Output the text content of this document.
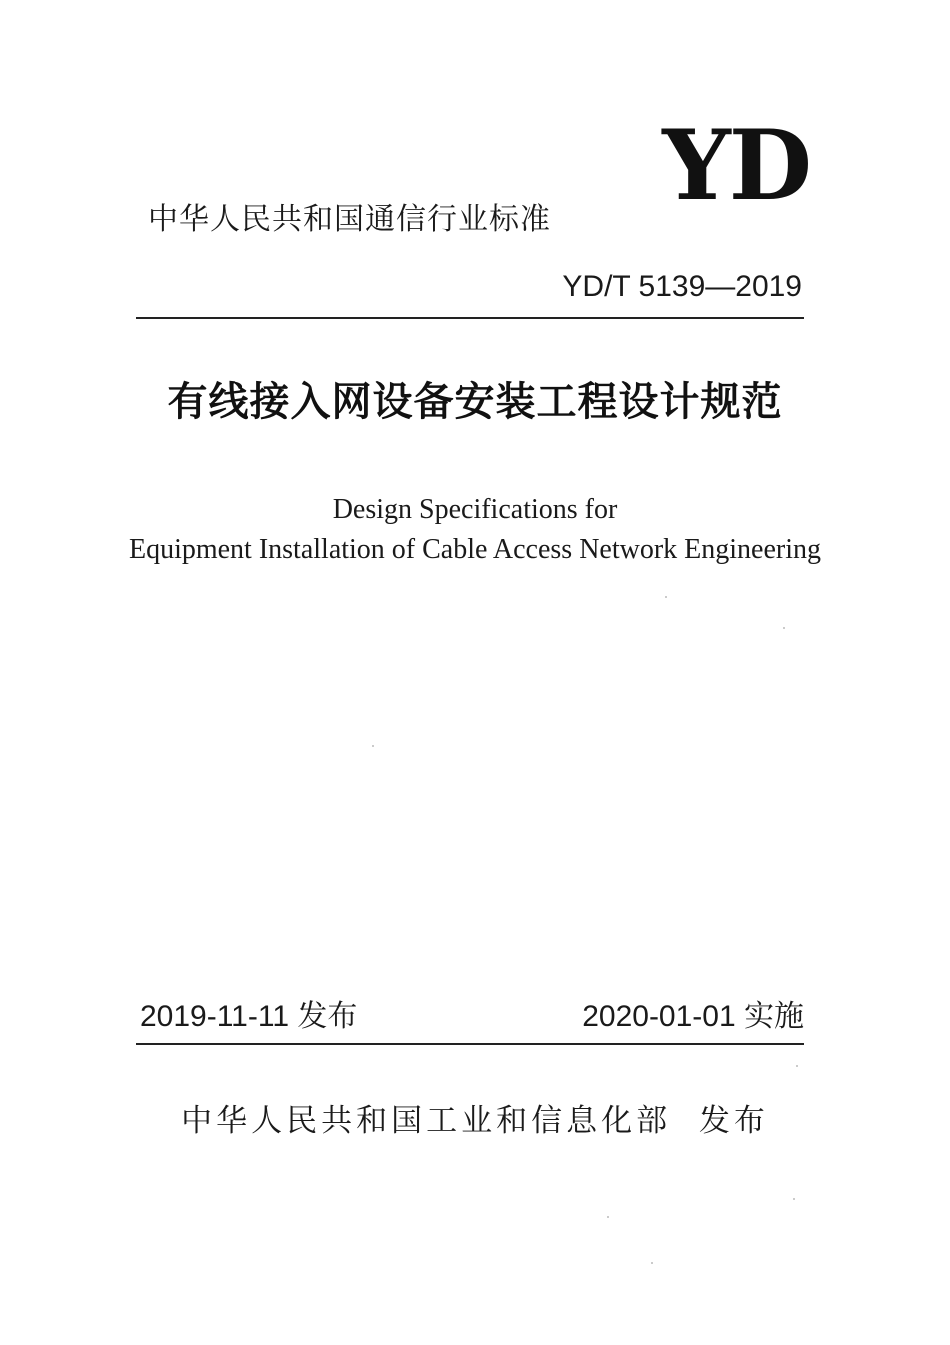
YD
中华人民共和国通信行业标准
YD/T 5139—2019
有线接入网设备安装工程设计规范
Design Specifications for
Equipment Installation of Cable Access Network Engineering
2019-11-11 发布	2020-01-01 实施
中华人民共和国工业和信息化部  发布
